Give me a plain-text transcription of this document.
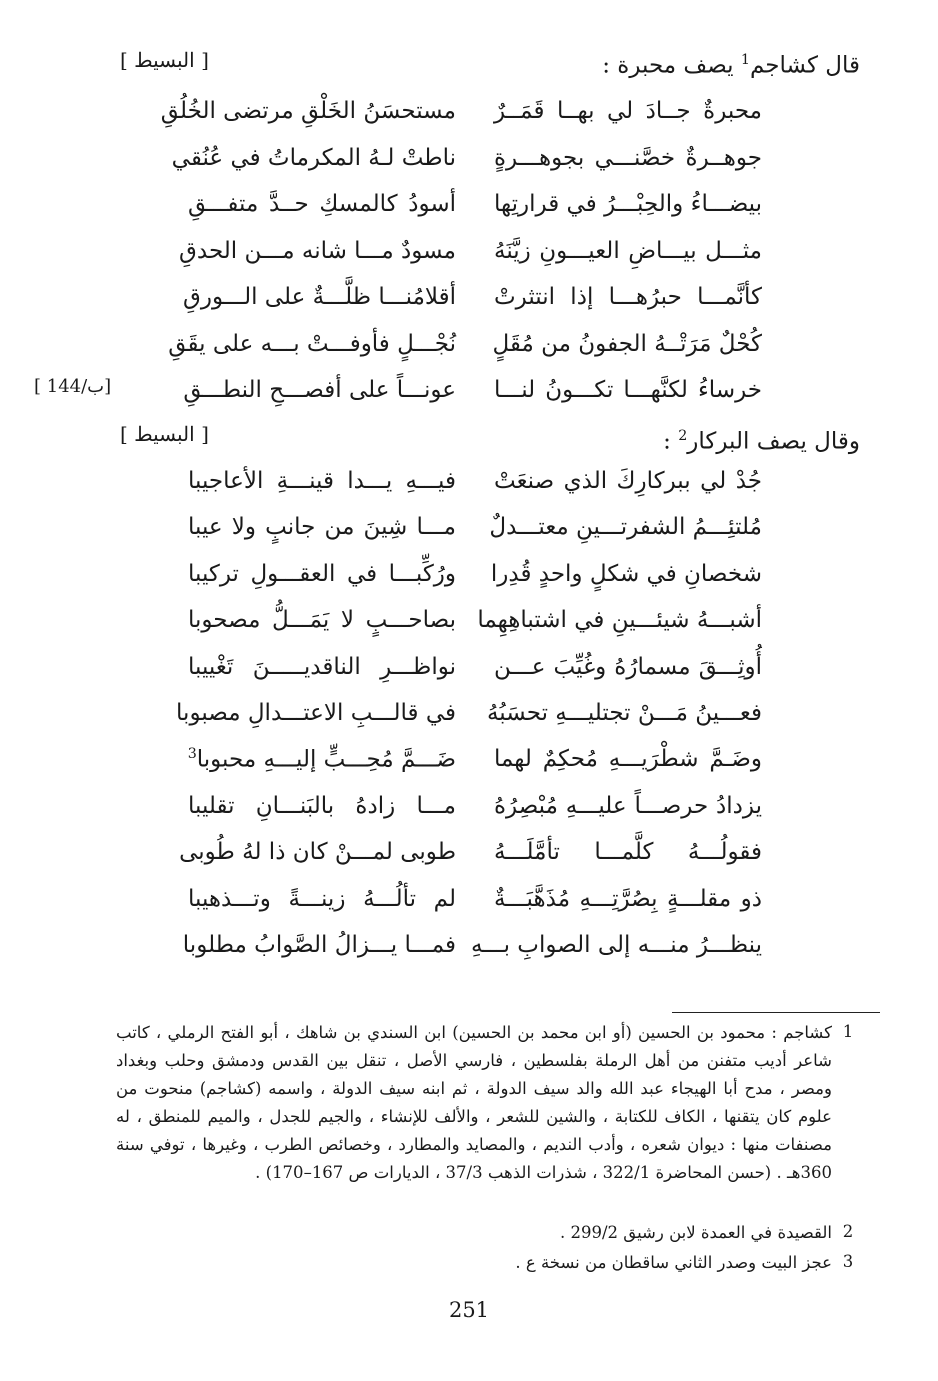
قال كشاجم$^1$ يصف محبرة :
[ البسيط ]
محبرةٌ جــادَ لي بهــا قَمَــرٌ
مستحسَنُ الخَلْقِ مرتضى الخُلُقِ
جوهــرةٌ خصَّنـــي بجوهـــرةٍ
ناطتْ لـهُ المكرماتُ في عُنُقي
بيضـــاءُ والحِبْـــرُ في قرارتِها
أسودُ كالمسكِ حــدَّ متفـــقِ
مثـــل بيـــاضِ العيـــونِ زيَّنَهُ
مسودٌ مـــا شانه مـــن الحدقِ
كأنَّمـــا حبرُهـــا إذا انتثرتْ
أقلامُنـــا ظلَّـــةٌ على الـــورقِ
كُحْلٌ مَرَتْــهُ الجفونُ من مُقَلٍ
نُجْـــلٍ فأوفـــتْ بـــه على يقَقِ
خرساءُ لكنَّهـــا تكـــونُ لنـــا
عونـــاً على أفصـــحِ النطـــقِ
[ 144/ب]
وقال يصف البركار$^2$ :
[ البسيط ]
جُدْ لي ببركارِكَ الذي صنعَتْ
فيـــهِ يـــدا قينـــةِ الأعاجيبا
مُلتئِـــمُ الشفرتـــينِ معتـــدلٌ
مـــا شِينَ من جانبٍ ولا عيبا
شخصانِ في شكلٍ واحدٍ قُدِرا
ورُكِّبـــا في العقـــولِ تركيبا
أشبـــهُ شيئـــينِ في اشتباهِهِما
بصاحـــبٍ لا يَمَـــلُّ مصحوبا
أُوثِـــقَ مسمارُهُ وغُيِّبَ عـــن
نواظـــرِ الناقديـــــنَ تَغْييبا
فعـــينُ مَـــنْ تجتليـــهِ تحسَبُهُ
في قالـــبِ الاعتـــدالِ مصبوبا
وضَـمَّ شطْرَيـــهِ مُحكِمٌ لهما
ضَـــمَّ مُحِـــبٍّ إليـــهِ محبوبا$^3$
يزدادُ حرصـــاً عليـــهِ مُبْصِرُهُ
مـــا زادهُ بالبَنـــانِ تقليبا
فقولُـــهُ كلَّمـــا تأمَّلَـــهُ
طوبى لمـــنْ كان ذا لهُ طُوبى
ذو مقلـــةٍ بِصُرَّتِـــهِ مُذَهَّبَـــةٌ
لم تألُـــهُ زينـــةً وتـــذهيبا
ينظـــرُ منـــه إلى الصوابِ بـــهِ
فمـــا يـــزالُ الصَّوابُ مطلوبا
1
كشاجم : محمود بن الحسين (أو ابن محمد بن الحسين) ابن السندي بن شاهك ، أبو الفتح الرملي ، كاتب شاعر أديب متفنن من أهل الرملة بفلسطين ، فارسي الأصل ، تنقل بين القدس ودمشق وحلب وبغداد ومصر ، مدح أبا الهيجاء عبد الله والد سيف الدولة ، ثم ابنه سيف الدولة ، واسمه (كشاجم) منحوت من علوم كان يتقنها ، الكاف للكتابة ، والشين للشعر ، والألف للإنشاء ، والجيم للجدل ، والميم للمنطق ، له مصنفات منها : ديوان شعره ، وأدب النديم ، والمصايد والمطارد ، وخصائص الطرب ، وغيرها ، توفي سنة 360هـ . (حسن المحاضرة 322/1 ، شذرات الذهب 37/3 ، الديارات ص 167–170) .
2
القصيدة في العمدة لابن رشيق 299/2 .
3
عجز البيت وصدر الثاني ساقطان من نسخة ع .
251
